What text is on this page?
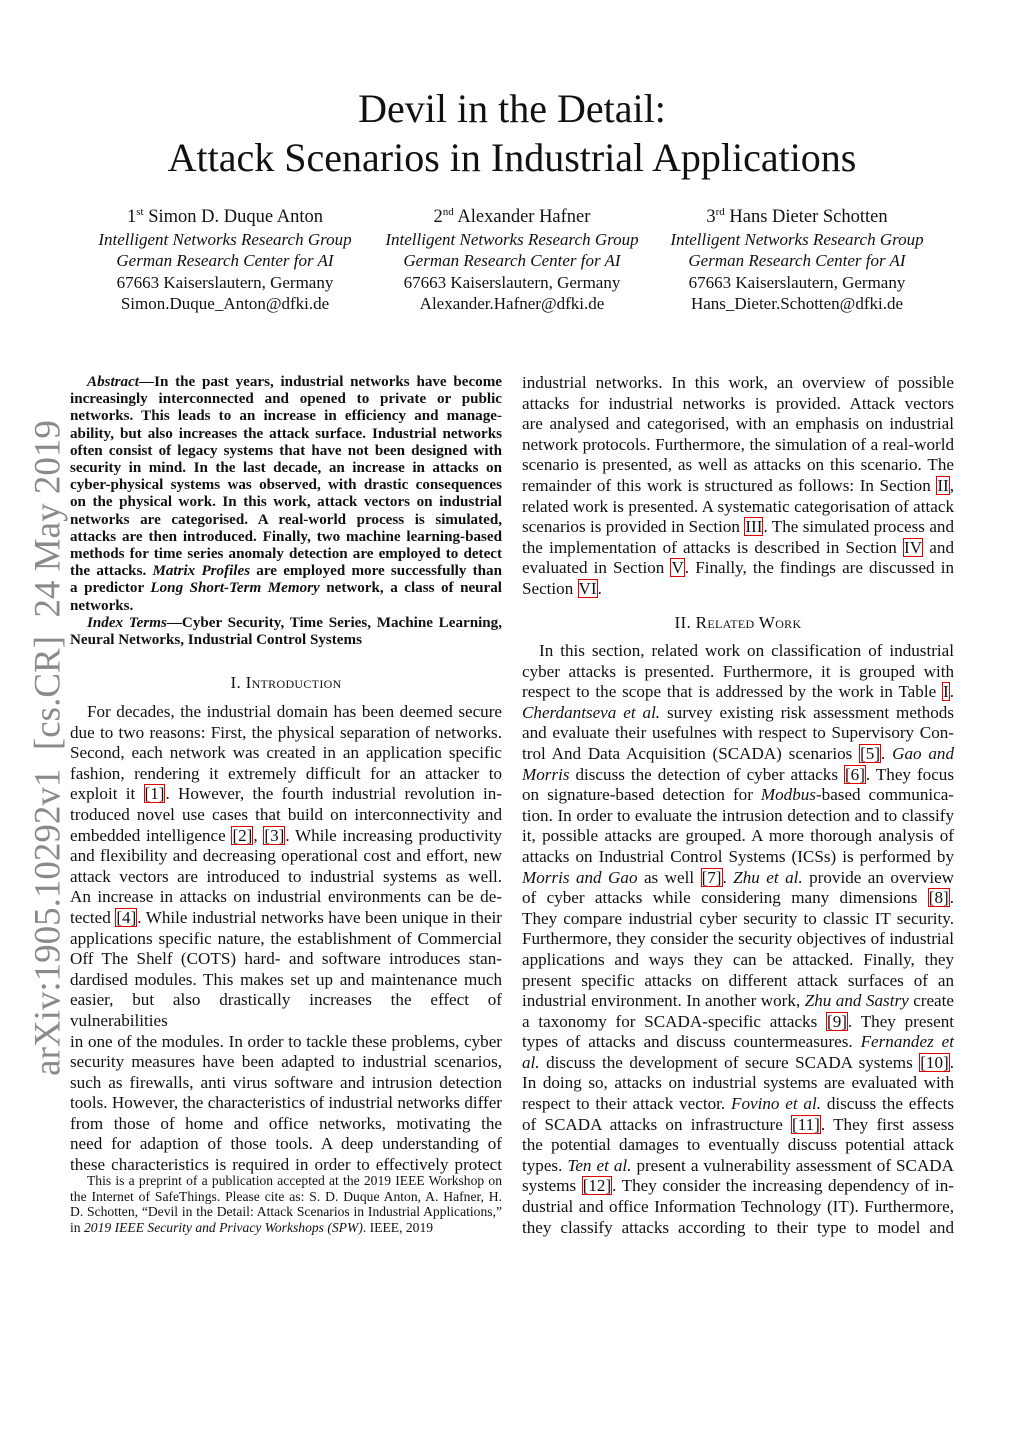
arXiv:1905.10292v1  [cs.CR]  24 May 2019
Devil in the Detail:
Attack Scenarios in Industrial Applications
1st Simon D. Duque Anton
Intelligent Networks Research Group
German Research Center for AI
67663 Kaiserslautern, Germany
Simon.Duque_Anton@dfki.de
2nd Alexander Hafner
Intelligent Networks Research Group
German Research Center for AI
67663 Kaiserslautern, Germany
Alexander.Hafner@dfki.de
3rd Hans Dieter Schotten
Intelligent Networks Research Group
German Research Center for AI
67663 Kaiserslautern, Germany
Hans_Dieter.Schotten@dfki.de
Abstract—In the past years, industrial networks have become
increasingly interconnected and opened to private or public
networks. This leads to an increase in efficiency and manage-
ability, but also increases the attack surface. Industrial networks
often consist of legacy systems that have not been designed with
security in mind. In the last decade, an increase in attacks on
cyber-physical systems was observed, with drastic consequences
on the physical work. In this work, attack vectors on industrial
networks are categorised. A real-world process is simulated,
attacks are then introduced. Finally, two machine learning-based
methods for time series anomaly detection are employed to detect
the attacks. Matrix Profiles are employed more successfully than
a predictor Long Short-Term Memory network, a class of neural
networks.
Index Terms—Cyber Security, Time Series, Machine Learning,
Neural Networks, Industrial Control Systems
I. Introduction
For decades, the industrial domain has been deemed secure
due to two reasons: First, the physical separation of networks.
Second, each network was created in an application specific
fashion, rendering it extremely difficult for an attacker to
exploit it [1]. However, the fourth industrial revolution in-
troduced novel use cases that build on interconnectivity and
embedded intelligence [2], [3]. While increasing productivity
and flexibility and decreasing operational cost and effort, new
attack vectors are introduced to industrial systems as well.
An increase in attacks on industrial environments can be de-
tected [4]. While industrial networks have been unique in their
applications specific nature, the establishment of Commercial
Off The Shelf (COTS) hard- and software introduces stan-
dardised modules. This makes set up and maintenance much
easier, but also drastically increases the effect of vulnerabilities
in one of the modules. In order to tackle these problems, cyber
security measures have been adapted to industrial scenarios,
such as firewalls, anti virus software and intrusion detection
tools. However, the characteristics of industrial networks differ
from those of home and office networks, motivating the
need for adaption of those tools. A deep understanding of
these characteristics is required in order to effectively protect
This is a preprint of a publication accepted at the 2019 IEEE Workshop on
the Internet of SafeThings. Please cite as: S. D. Duque Anton, A. Hafner, H.
D. Schotten, “Devil in the Detail: Attack Scenarios in Industrial Applications,”
in 2019 IEEE Security and Privacy Workshops (SPW). IEEE, 2019
industrial networks. In this work, an overview of possible
attacks for industrial networks is provided. Attack vectors
are analysed and categorised, with an emphasis on industrial
network protocols. Furthermore, the simulation of a real-world
scenario is presented, as well as attacks on this scenario. The
remainder of this work is structured as follows: In Section II,
related work is presented. A systematic categorisation of attack
scenarios is provided in Section III. The simulated process and
the implementation of attacks is described in Section IV and
evaluated in Section V. Finally, the findings are discussed in
Section VI.
II. Related Work
In this section, related work on classification of industrial
cyber attacks is presented. Furthermore, it is grouped with
respect to the scope that is addressed by the work in Table I.
Cherdantseva et al. survey existing risk assessment methods
and evaluate their usefulnes with respect to Supervisory Con-
trol And Data Acquisition (SCADA) scenarios [5]. Gao and
Morris discuss the detection of cyber attacks [6]. They focus
on signature-based detection for Modbus-based communica-
tion. In order to evaluate the intrusion detection and to classify
it, possible attacks are grouped. A more thorough analysis of
attacks on Industrial Control Systems (ICSs) is performed by
Morris and Gao as well [7]. Zhu et al. provide an overview
of cyber attacks while considering many dimensions [8].
They compare industrial cyber security to classic IT security.
Furthermore, they consider the security objectives of industrial
applications and ways they can be attacked. Finally, they
present specific attacks on different attack surfaces of an
industrial environment. In another work, Zhu and Sastry create
a taxonomy for SCADA-specific attacks [9]. They present
types of attacks and discuss countermeasures. Fernandez et
al. discuss the development of secure SCADA systems [10].
In doing so, attacks on industrial systems are evaluated with
respect to their attack vector. Fovino et al. discuss the effects
of SCADA attacks on infrastructure [11]. They first assess
the potential damages to eventually discuss potential attack
types. Ten et al. present a vulnerability assessment of SCADA
systems [12]. They consider the increasing dependency of in-
dustrial and office Information Technology (IT). Furthermore,
they classify attacks according to their type to model and
